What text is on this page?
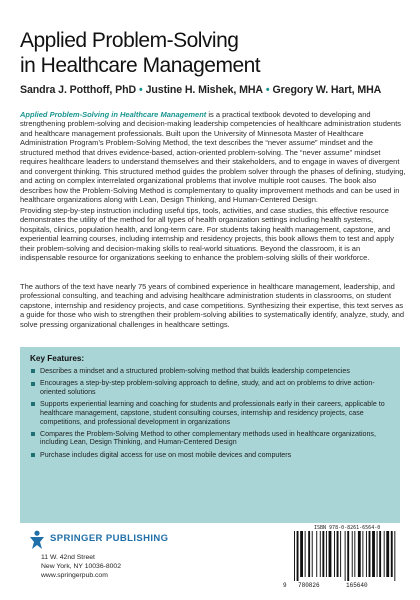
Applied Problem-Solving
in Healthcare Management
Sandra J. Potthoff, PhD • Justine H. Mishek, MHA • Gregory W. Hart, MHA

Applied Problem-Solving in Healthcare Management is a practical textbook devoted to developing and strengthening problem-solving and decision-making leadership competencies of healthcare administration students and healthcare management professionals. Built upon the University of Minnesota Master of Healthcare Administration Program’s Problem-Solving Method, the text describes the “never assume” mindset and the structured method that drives evidence-based, action-oriented problem-solving. The “never assume” mindset requires healthcare leaders to understand themselves and their stakeholders, and to engage in waves of divergent and convergent thinking. This structured method guides the problem solver through the phases of defining, studying, and acting on complex interrelated organizational problems that involve multiple root causes. The book also describes how the Problem-Solving Method is complementary to quality improvement methods and can be used in healthcare organizations along with Lean, Design Thinking, and Human-Centered Design.

Providing step-by-step instruction including useful tips, tools, activities, and case studies, this effective resource demonstrates the utility of the method for all types of health organization settings including health systems, hospitals, clinics, population health, and long-term care. For students taking health management, capstone, and experiential learning courses, including internship and residency projects, this book allows them to test and apply their problem-solving and decision-making skills to real-world situations. Beyond the classroom, it is an indispensable resource for organizations seeking to enhance the problem-solving skills of their workforce.

The authors of the text have nearly 75 years of combined experience in healthcare management, leadership, and professional consulting, and teaching and advising healthcare administration students in classrooms, on student capstone, internship and residency projects, and case competitions. Synthesizing their expertise, this text serves as a guide for those who wish to strengthen their problem-solving abilities to systematically identify, analyze, study, and solve pressing organizational challenges in healthcare settings.

Key Features:
Describes a mindset and a structured problem-solving method that builds leadership competencies
Encourages a step-by-step problem-solving approach to define, study, and act on problems to drive action-oriented solutions
Supports experiential learning and coaching for students and professionals early in their careers, applicable to healthcare management, capstone, student consulting courses, internship and residency projects, case competitions, and professional development in organizations
Compares the Problem-Solving Method to other complementary methods used in healthcare organizations, including Lean, Design Thinking, and Human-Centered Design
Purchase includes digital access for use on most mobile devices and computers
SPRINGER PUBLISHING
11 W. 42nd Street
New York, NY 10036-8002
www.springerpub.com
ISBN 978-0-8261-6564-0
9 780826	165640
